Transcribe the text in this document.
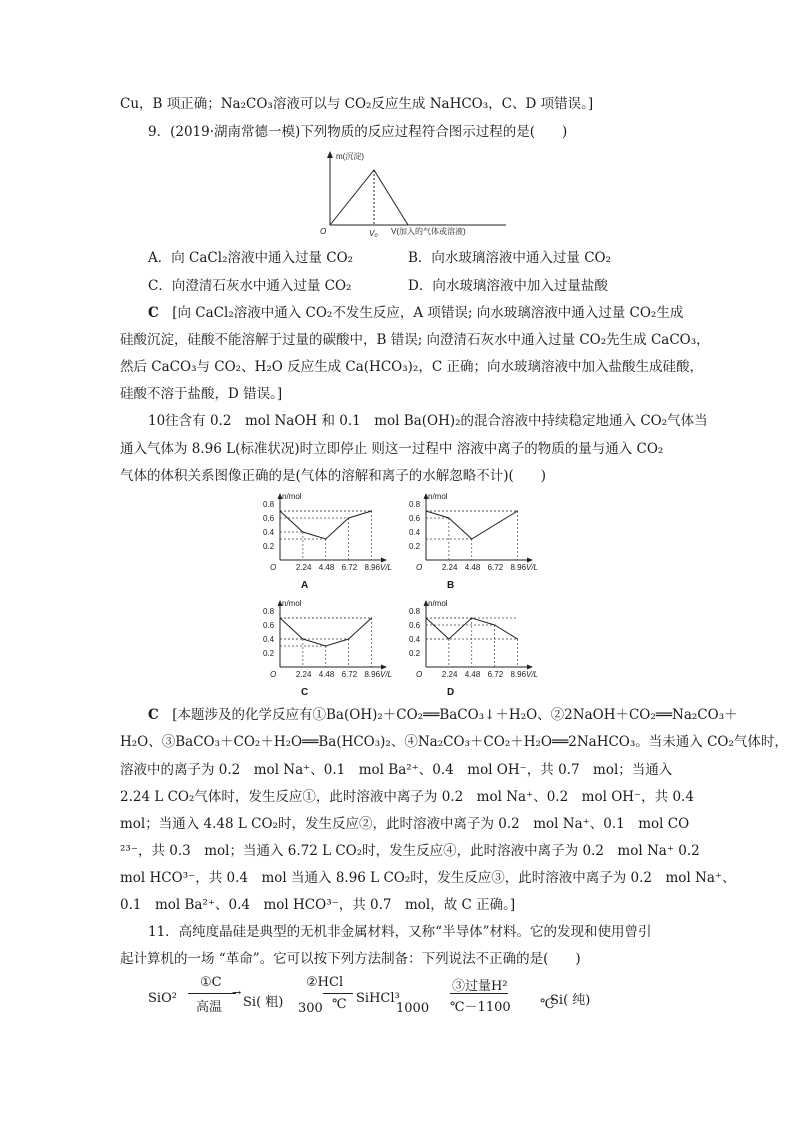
Cu，B 项正确；Na₂CO₃溶液可以与 CO₂反应生成 NaHCO₃，C、D 项错误。]
9．(2019·湖南常德一模)下列物质的反应过程符合图示过程的是(　　)
m(沉淀)
O	V₀ V(加入的气体或溶液)
A．向 CaCl₂溶液中通入过量 CO₂	B．向水玻璃溶液中通入过量 CO₂
C．向澄清石灰水中通入过量 CO₂	D．向水玻璃溶液中加入过量盐酸
C　 [向 CaCl₂溶液中通入 CO₂不发生反应，A 项错误; 向水玻璃溶液中通入过量 CO₂生成
硅酸沉淀，硅酸不能溶解于过量的碳酸中，B 错误; 向澄清石灰水中通入过量 CO₂先生成 CaCO₃，
然后 CaCO₃与 CO₂、H₂O 反应生成 Ca(HCO₃)₂，C 正确；向水玻璃溶液中加入盐酸生成硅酸，
硅酸不溶于盐酸，D 错误。]
10往含有 0.2　mol NaOH 和 0.1　mol Ba(OH)₂的混合溶液中持续稳定地通入 CO₂气体当
通入气体为 8.96 L(标准状况)时立即停止 则这一过程中 溶液中离子的物质的量与通入 CO₂
气体的体积关系图像正确的是(气体的溶解和离子的水解忽略不计)(　　)
n/mol
V/L
O
0.8
0.6
0.4
0.2
2.24 4.48 6.72 8.96
A
n/mol
V/L
O
0.8
0.6
0.4
0.2
2.24 4.48 6.72 8.96
B
n/mol
V/L
O
0.8
0.6
0.4
0.2
2.24 4.48 6.72 8.96
C
n/mol
V/L
O
0.8
0.6
0.4
0.2
2.24 4.48 6.72 8.96
D
C　 [本题涉及的化学反应有①Ba(OH)₂＋CO₂══BaCO₃↓＋H₂O、②2NaOH＋CO₂══Na₂CO₃＋
H₂O、③BaCO₃＋CO₂＋H₂O══Ba(HCO₃)₂、④Na₂CO₃＋CO₂＋H₂O══2NaHCO₃。当未通入 CO₂气体时，
溶液中的离子为 0.2　mol Na⁺、0.1　mol Ba²⁺、0.4　mol OH⁻，共 0.7　mol；当通入
2.24 L CO₂气体时，发生反应①，此时溶液中离子为 0.2　mol Na⁺、0.2　mol OH⁻，共 0.4
mol；当通入 4.48 L CO₂时，发生反应②，此时溶液中离子为 0.2　mol Na⁺、0.1　mol CO
²³⁻，共 0.3　mol；当通入 6.72 L CO₂时，发生反应④，此时溶液中离子为 0.2　mol Na⁺ 0.2
mol HCO³⁻，共 0.4　mol 当通入 8.96 L CO₂时，发生反应③，此时溶液中离子为 0.2　mol Na⁺、
0.1　mol Ba²⁺、0.4　mol HCO³⁻，共 0.7　mol，故 C 正确。]
11．高纯度晶硅是典型的无机非金属材料，又称“半导体”材料。它的发现和使用曾引
起计算机的一场 “革命”。它可以按下列方法制备：下列说法不正确的是(　　)
SiO²
①C
→
高温 Si( 粗)
②HCl
300 ℃ SiHCl³
1000
③过量H²
℃－1100 ℃
Si( 纯)
